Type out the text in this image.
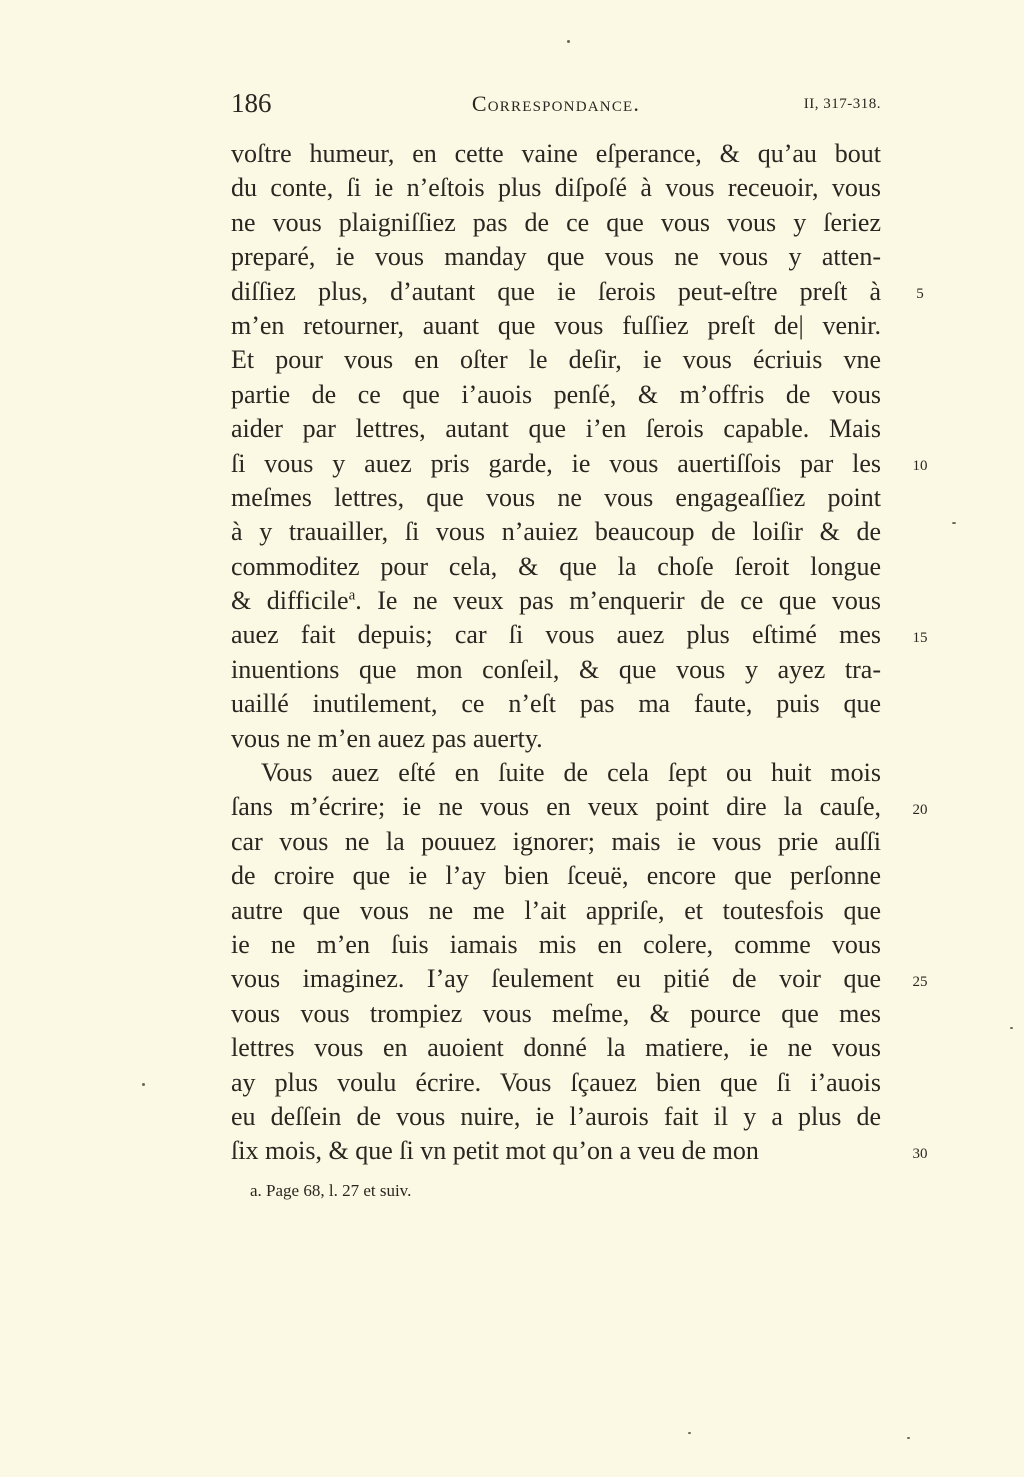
186	Correspondance.	II, 317-318.
voſtre humeur, en cette vaine eſperance, & qu’au bout
du conte, ſi ie n’eſtois plus diſpoſé à vous receuoir, vous
ne vous plaigniſſiez pas de ce que vous vous y ſeriez
preparé, ie vous manday que vous ne vous y atten-
diſſiez plus, d’autant que ie ſerois peut-eſtre preſt à
m’en retourner, auant que vous fuſſiez preſt de| venir.
Et pour vous en oſter le deſir, ie vous écriuis vne
partie de ce que i’auois penſé, & m’offris de vous
aider par lettres, autant que i’en ſerois capable. Mais
ſi vous y auez pris garde, ie vous auertiſſois par les
meſmes lettres, que vous ne vous engageaſſiez point
à y trauailler, ſi vous n’auiez beaucoup de loiſir & de
commoditez pour cela, & que la choſe ſeroit longue
& difficile$^a$. Ie ne veux pas m’enquerir de ce que vous
auez fait depuis; car ſi vous auez plus eſtimé mes
inuentions que mon conſeil, & que vous y ayez tra-
uaillé inutilement, ce n’eſt pas ma faute, puis que
vous ne m’en auez pas auerty.
Vous auez eſté en ſuite de cela ſept ou huit mois
ſans m’écrire; ie ne vous en veux point dire la cauſe,
car vous ne la pouuez ignorer; mais ie vous prie auſſi
de croire que ie l’ay bien ſceuë, encore que perſonne
autre que vous ne me l’ait appriſe, et toutesfois que
ie ne m’en ſuis iamais mis en colere, comme vous
vous imaginez. I’ay ſeulement eu pitié de voir que
vous vous trompiez vous meſme, & pource que mes
lettres vous en auoient donné la matiere, ie ne vous
ay plus voulu écrire. Vous ſçauez bien que ſi i’auois
eu deſſein de vous nuire, ie l’aurois fait il y a plus de
ſix mois, & que ſi vn petit mot qu’on a veu de mon
5
10
15
20
25
30
a. Page 68, l. 27 et suiv.
